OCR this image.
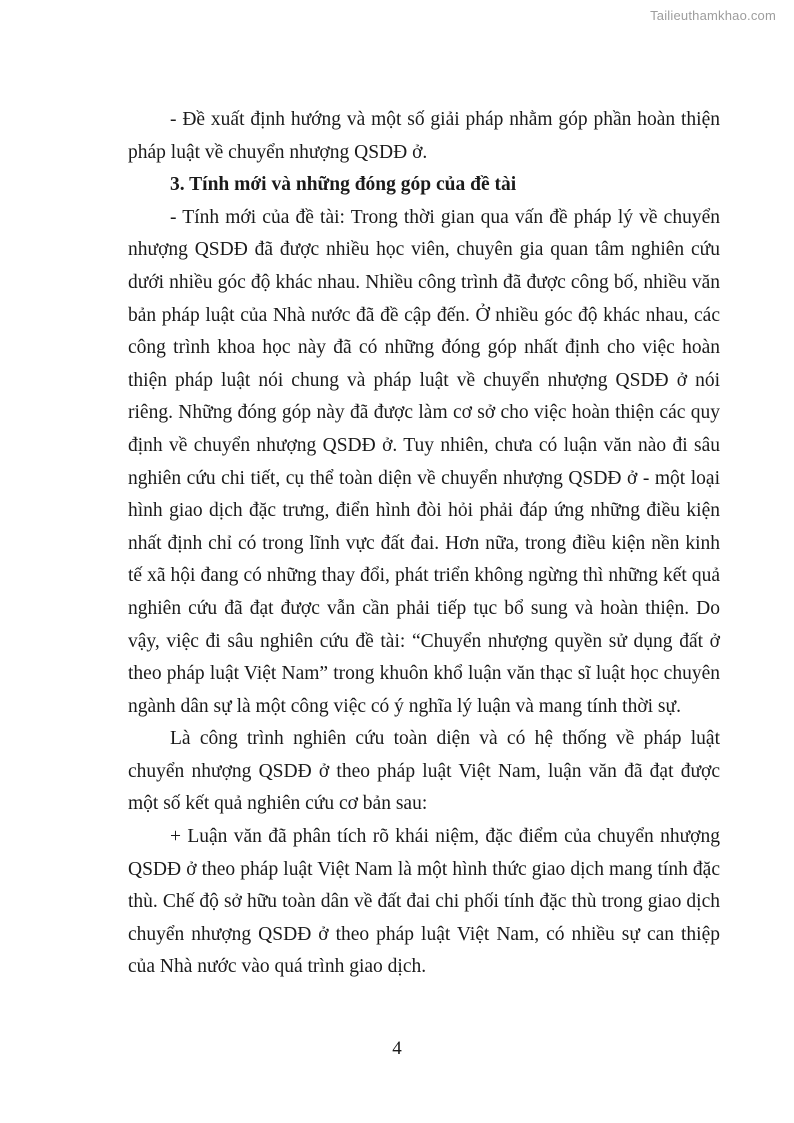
Tailieuthamkhao.com

- Đề xuất định hướng và một số giải pháp nhằm góp phần hoàn thiện pháp luật về chuyển nhượng QSDĐ ở.

3. Tính mới và những đóng góp của đề tài

- Tính mới của đề tài: Trong thời gian qua vấn đề pháp lý về chuyển nhượng QSDĐ đã được nhiều học viên, chuyên gia quan tâm nghiên cứu dưới nhiều góc độ khác nhau. Nhiều công trình đã được công bố, nhiều văn bản pháp luật của Nhà nước đã đề cập đến. Ở nhiều góc độ khác nhau, các công trình khoa học này đã có những đóng góp nhất định cho việc hoàn thiện pháp luật nói chung và pháp luật về chuyển nhượng QSDĐ ở nói riêng. Những đóng góp này đã được làm cơ sở cho việc hoàn thiện các quy định về chuyển nhượng QSDĐ ở. Tuy nhiên, chưa có luận văn nào đi sâu nghiên cứu chi tiết, cụ thể toàn diện về chuyển nhượng QSDĐ ở - một loại hình giao dịch đặc trưng, điển hình đòi hỏi phải đáp ứng những điều kiện nhất định chỉ có trong lĩnh vực đất đai. Hơn nữa, trong điều kiện nền kinh tế xã hội đang có những thay đổi, phát triển không ngừng thì những kết quả nghiên cứu đã đạt được vẫn cần phải tiếp tục bổ sung và hoàn thiện. Do vậy, việc đi sâu nghiên cứu đề tài: “Chuyển nhượng quyền sử dụng đất ở theo pháp luật Việt Nam” trong khuôn khổ luận văn thạc sĩ luật học chuyên ngành dân sự là một công việc có ý nghĩa lý luận và mang tính thời sự.

Là công trình nghiên cứu toàn diện và có hệ thống về pháp luật chuyển nhượng QSDĐ ở theo pháp luật Việt Nam, luận văn đã đạt được một số kết quả nghiên cứu cơ bản sau:

+ Luận văn đã phân tích rõ khái niệm, đặc điểm của chuyển nhượng QSDĐ ở theo pháp luật Việt Nam là một hình thức giao dịch mang tính đặc thù. Chế độ sở hữu toàn dân về đất đai chi phối tính đặc thù trong giao dịch chuyển nhượng QSDĐ ở theo pháp luật Việt Nam, có nhiều sự can thiệp của Nhà nước vào quá trình giao dịch.

4
